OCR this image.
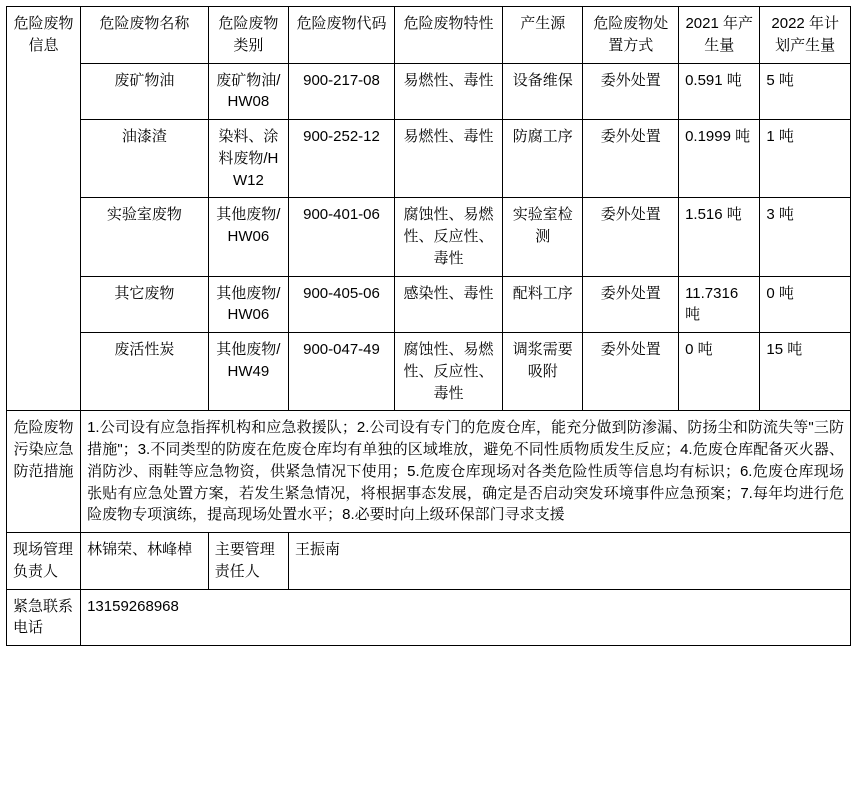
危险废物信息	危险废物名称	危险废物类别	危险废物代码	危险废物特性	产生源	危险废物处置方式	2021 年产生量	2022 年计划产生量
	废矿物油	废矿物油/HW08	900-217-08	易燃性、毒性	设备维保	委外处置	0.591 吨	5 吨
	油漆渣	染料、涂料废物/HW12	900-252-12	易燃性、毒性	防腐工序	委外处置	0.1999 吨	1 吨
	实验室废物	其他废物/HW06	900-401-06	腐蚀性、易燃性、反应性、毒性	实验室检测	委外处置	1.516 吨	3 吨
	其它废物	其他废物/HW06	900-405-06	感染性、毒性	配料工序	委外处置	11.7316 吨	0 吨
	废活性炭	其他废物/HW49	900-047-49	腐蚀性、易燃性、反应性、毒性	调浆需要吸附	委外处置	0 吨	15 吨
危险废物污染应急防范措施	1.公司设有应急指挥机构和应急救援队；2.公司设有专门的危废仓库，能充分做到防渗漏、防扬尘和防流失等"三防措施"；3.不同类型的防废在危废仓库均有单独的区域堆放，避免不同性质物质发生反应；4.危废仓库配备灭火器、消防沙、雨鞋等应急物资，供紧急情况下使用；5.危废仓库现场对各类危险性质等信息均有标识；6.危废仓库现场张贴有应急处置方案，若发生紧急情况，将根据事态发展，确定是否启动突发环境事件应急预案；7.每年均进行危险废物专项演练，提高现场处置水平；8.必要时向上级环保部门寻求支援							
现场管理负责人	林锦荣、林峰棹	主要管理责任人	王振南					
紧急联系电话	13159268968							
